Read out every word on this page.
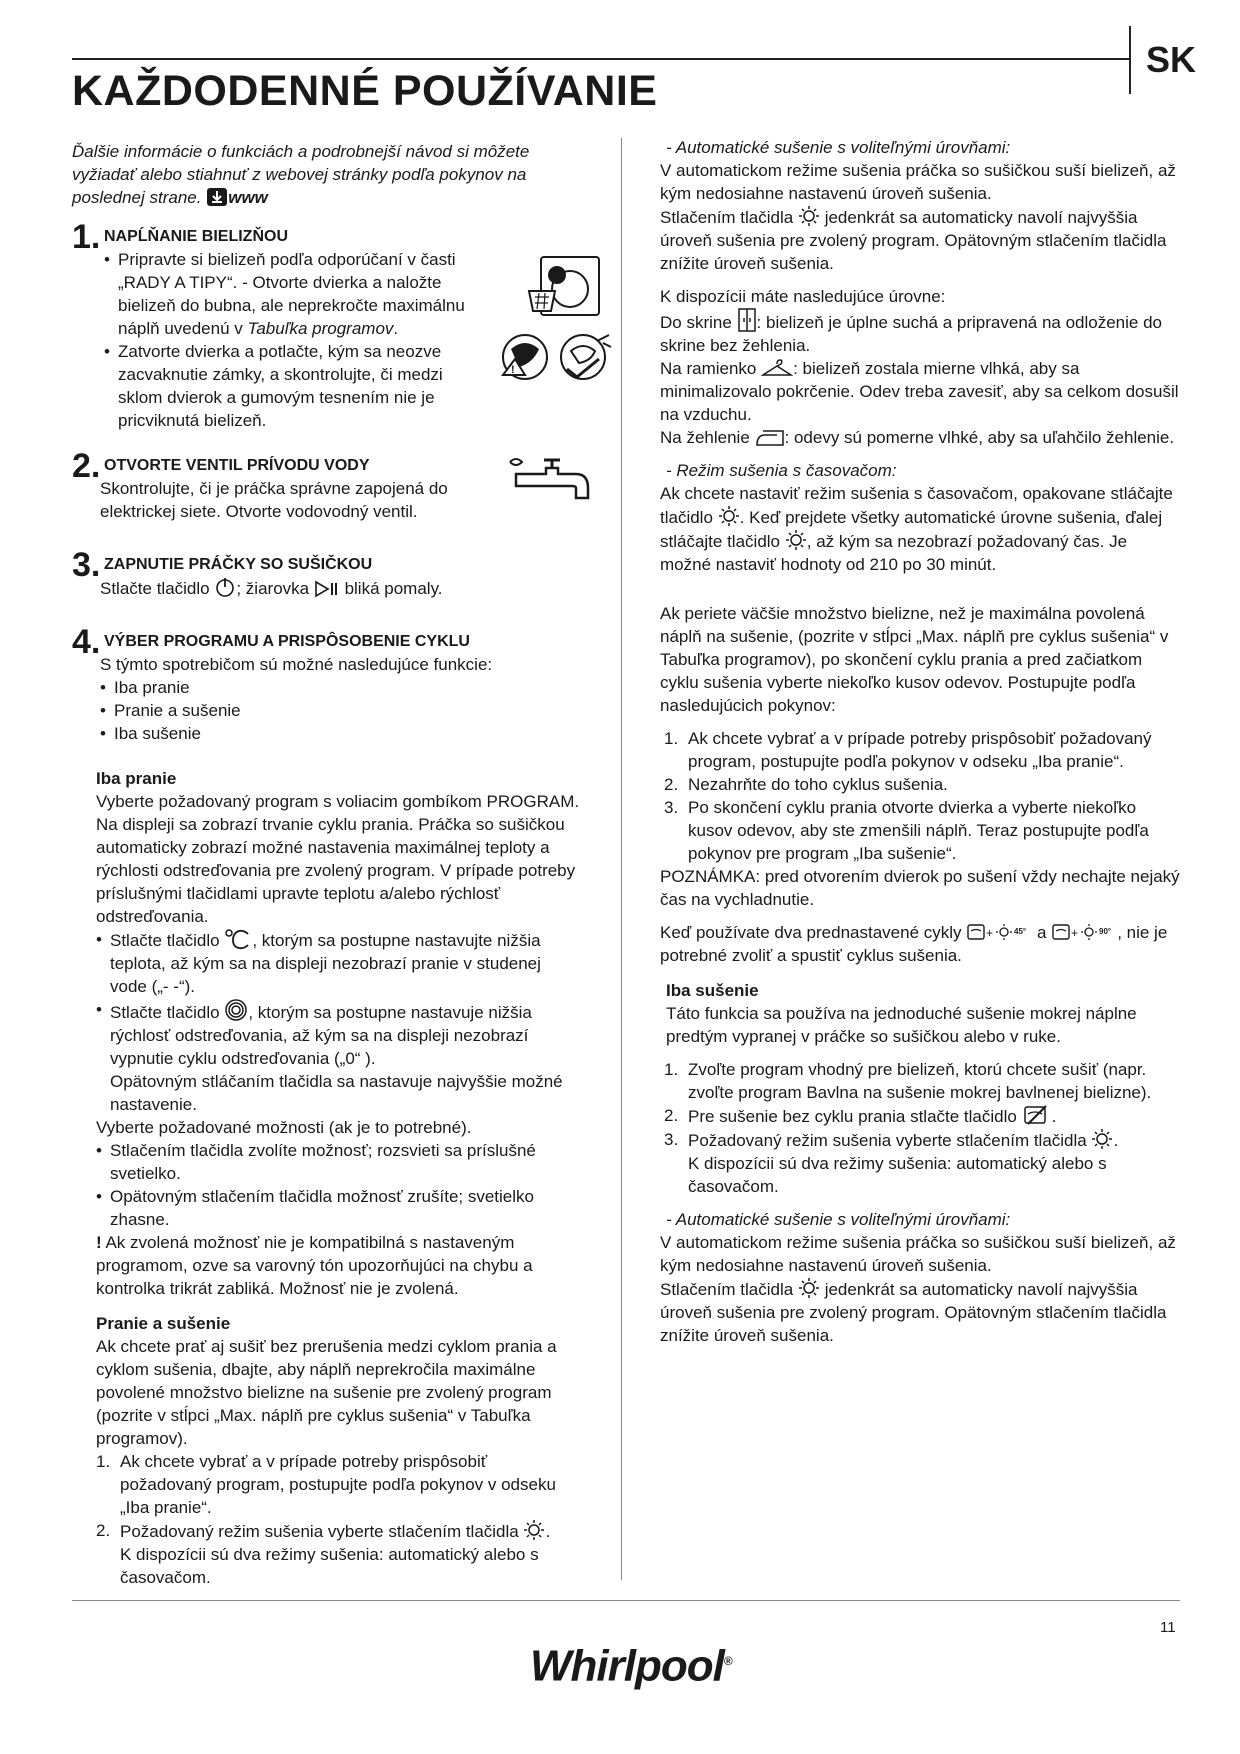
SK
KAŽDODENNÉ POUŽÍVANIE

Ďalšie informácie o funkciách a podrobnejší návod si môžete vyžiadať alebo stiahnuť z webovej stránky podľa pokynov na poslednej strane. www

1. NAPĹŇANIE BIELIZŇOU
• Pripravte si bielizeň podľa odporúčaní v časti „RADY A TIPY“. - Otvorte dvierka a naložte bielizeň do bubna, ale neprekročte maximálnu náplň uvedenú v Tabuľka programov.
• Zatvorte dvierka a potlačte, kým sa neozve zacvaknutie zámky, a skontrolujte, či medzi sklom dvierok a gumovým tesnením nie je pricviknutá bielizeň.
!
2. OTVORTE VENTIL PRÍVODU VODY

Skontrolujte, či je práčka správne zapojená do elektrickej siete. Otvorte vodovodný ventil.

3. ZAPNUTIE PRÁČKY SO SUŠIČKOU

Stlačte tlačidlo ; žiarovka bliká pomaly.

4. VÝBER PROGRAMU A PRISPÔSOBENIE CYKLU

S týmto spotrebičom sú možné nasledujúce funkcie:

• Iba pranie
• Pranie a sušenie
• Iba sušenie
Iba pranie

Vyberte požadovaný program s voliacim gombíkom PROGRAM. Na displeji sa zobrazí trvanie cyklu prania. Práčka so sušičkou automaticky zobrazí možné nastavenia maximálnej teploty a rýchlosti odstreďovania pre zvolený program. V prípade potreby príslušnými tlačidlami upravte teplotu a/alebo rýchlosť odstreďovania.

• Stlačte tlačidlo , ktorým sa postupne nastavujte nižšia teplota, až kým sa na displeji nezobrazí pranie v studenej vode („- -“).
• Stlačte tlačidlo , ktorým sa postupne nastavuje nižšia rýchlosť odstreďovania, až kým sa na displeji nezobrazí vypnutie cyklu odstreďovania („0“ ).
Opätovným stláčaním tlačidla sa nastavuje najvyššie možné nastavenie.

Vyberte požadované možnosti (ak je to potrebné).

• Stlačením tlačidla zvolíte možnosť; rozsvieti sa príslušné svetielko.
• Opätovným stlačením tlačidla možnosť zrušíte; svetielko zhasne.

! Ak zvolená možnosť nie je kompatibilná s nastaveným programom, ozve sa varovný tón upozorňujúci na chybu a kontrolka trikrát zabliká. Možnosť nie je zvolená.

Pranie a sušenie

Ak chcete prať aj sušiť bez prerušenia medzi cyklom prania a cyklom sušenia, dbajte, aby náplň neprekročila maximálne povolené množstvo bielizne na sušenie pre zvolený program (pozrite v stĺpci „Max. náplň pre cyklus sušenia“ v Tabuľka programov).

1. Ak chcete vybrať a v prípade potreby prispôsobiť požadovaný program, postupujte podľa pokynov v odseku „Iba pranie“.
2. Požadovaný režim sušenia vyberte stlačením tlačidla .
K dispozícii sú dva režimy sušenia: automatický alebo s časovačom.

- Automatické sušenie s voliteľnými úrovňami:

V automatickom režime sušenia práčka so sušičkou suší bielizeň, až kým nedosiahne nastavenú úroveň sušenia.

Stlačením tlačidla jedenkrát sa automaticky navolí najvyššia úroveň sušenia pre zvolený program. Opätovným stlačením tlačidla znížite úroveň sušenia.

K dispozícii máte nasledujúce úrovne:

Do skrine : bielizeň je úplne suchá a pripravená na odloženie do skrine bez žehlenia.

Na ramienko : bielizeň zostala mierne vlhká, aby sa minimalizovalo pokrčenie. Odev treba zavesiť, aby sa celkom dosušil na vzduchu.

Na žehlenie : odevy sú pomerne vlhké, aby sa uľahčilo žehlenie.

- Režim sušenia s časovačom:

Ak chcete nastaviť režim sušenia s časovačom, opakovane stláčajte tlačidlo . Keď prejdete všetky automatické úrovne sušenia, ďalej stláčajte tlačidlo , až kým sa nezobrazí požadovaný čas. Je možné nastaviť hodnoty od 210 po 30 minút.

Ak periete väčšie množstvo bielizne, než je maximálna povolená náplň na sušenie, (pozrite v stĺpci „Max. náplň pre cyklus sušenia“ v Tabuľka programov), po skončení cyklu prania a pred začiatkom cyklu sušenia vyberte niekoľko kusov odevov. Postupujte podľa nasledujúcich pokynov:

1. Ak chcete vybrať a v prípade potreby prispôsobiť požadovaný program, postupujte podľa pokynov v odseku „Iba pranie“.
2. Nezahrňte do toho cyklus sušenia.
3. Po skončení cyklu prania otvorte dvierka a vyberte niekoľko kusov odevov, aby ste zmenšili náplň. Teraz postupujte podľa pokynov pre program „Iba sušenie“.

POZNÁMKA: pred otvorením dvierok po sušení vždy nechajte nejaký čas na vychladnutie.

Keď používate dva prednastavené cykly +	45° a +	90° , nie je potrebné zvoliť a spustiť cyklus sušenia.

Iba sušenie

Táto funkcia sa používa na jednoduché sušenie mokrej náplne predtým vypranej v práčke so sušičkou alebo v ruke.

1. Zvoľte program vhodný pre bielizeň, ktorú chcete sušiť (napr. zvoľte program Bavlna na sušenie mokrej bavlnenej bielizne).
2. Pre sušenie bez cyklu prania stlačte tlačidlo .
3. Požadovaný režim sušenia vyberte stlačením tlačidla .
K dispozícii sú dva režimy sušenia: automatický alebo s časovačom.

- Automatické sušenie s voliteľnými úrovňami:

V automatickom režime sušenia práčka so sušičkou suší bielizeň, až kým nedosiahne nastavenú úroveň sušenia.

Stlačením tlačidla jedenkrát sa automaticky navolí najvyššia úroveň sušenia pre zvolený program. Opätovným stlačením tlačidla znížite úroveň sušenia.

11
Whirlpool®
